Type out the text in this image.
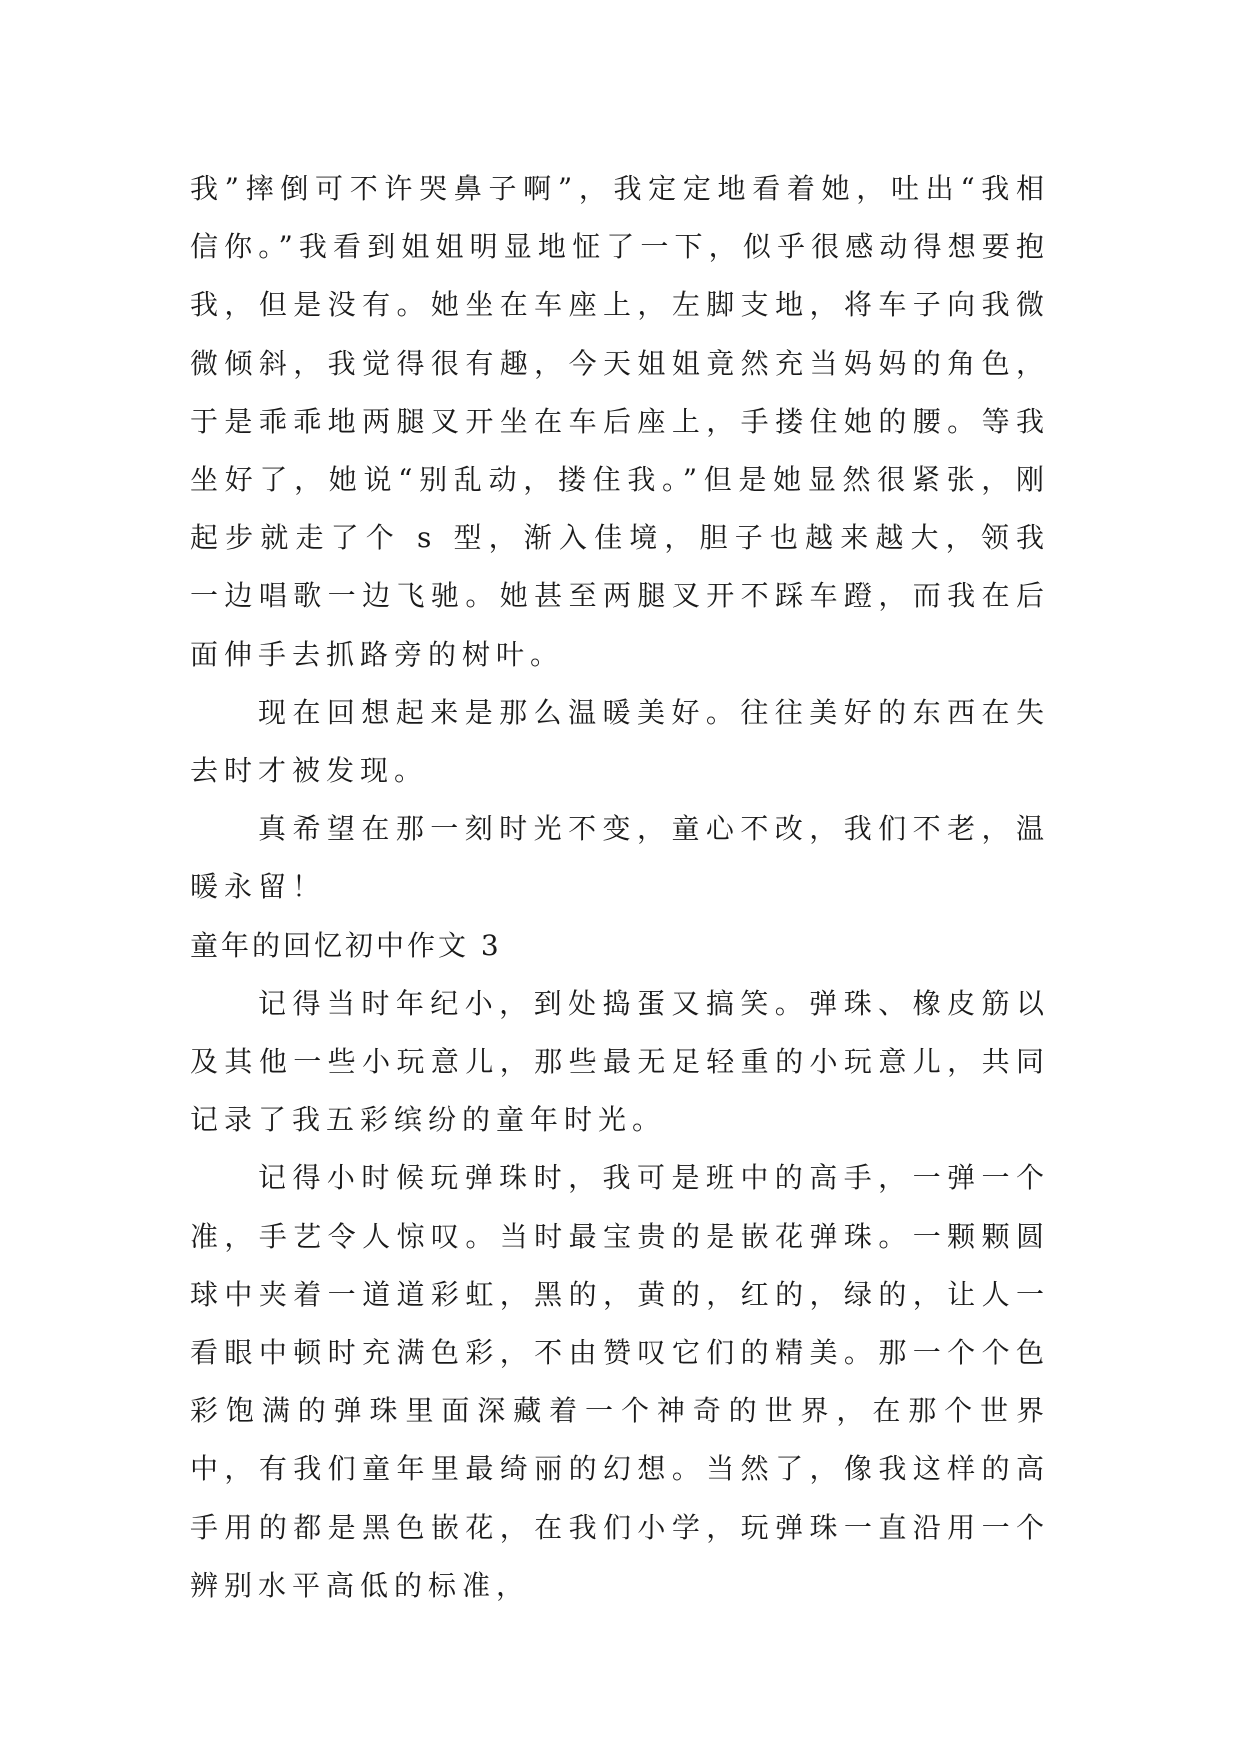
我”摔倒可不许哭鼻子啊”，我定定地看着她，吐出“我相信你。”我看到姐姐明显地怔了一下，似乎很感动得想要抱我，但是没有。她坐在车座上，左脚支地，将车子向我微微倾斜，我觉得很有趣，今天姐姐竟然充当妈妈的角色，于是乖乖地两腿叉开坐在车后座上，手搂住她的腰。等我坐好了，她说“别乱动，搂住我。”但是她显然很紧张，刚起步就走了个 s 型，渐入佳境，胆子也越来越大，领我一边唱歌一边飞驰。她甚至两腿叉开不踩车蹬，而我在后面伸手去抓路旁的树叶。

现在回想起来是那么温暖美好。往往美好的东西在失去时才被发现。

真希望在那一刻时光不变，童心不改，我们不老，温暖永留！

童年的回忆初中作文 3

记得当时年纪小，到处捣蛋又搞笑。弹珠、橡皮筋以及其他一些小玩意儿，那些最无足轻重的小玩意儿，共同记录了我五彩缤纷的童年时光。

记得小时候玩弹珠时，我可是班中的高手，一弹一个准，手艺令人惊叹。当时最宝贵的是嵌花弹珠。一颗颗圆球中夹着一道道彩虹，黑的，黄的，红的，绿的，让人一看眼中顿时充满色彩，不由赞叹它们的精美。那一个个色彩饱满的弹珠里面深藏着一个神奇的世界，在那个世界中，有我们童年里最绮丽的幻想。当然了，像我这样的高手用的都是黑色嵌花，在我们小学，玩弹珠一直沿用一个辨别水平高低的标准，
